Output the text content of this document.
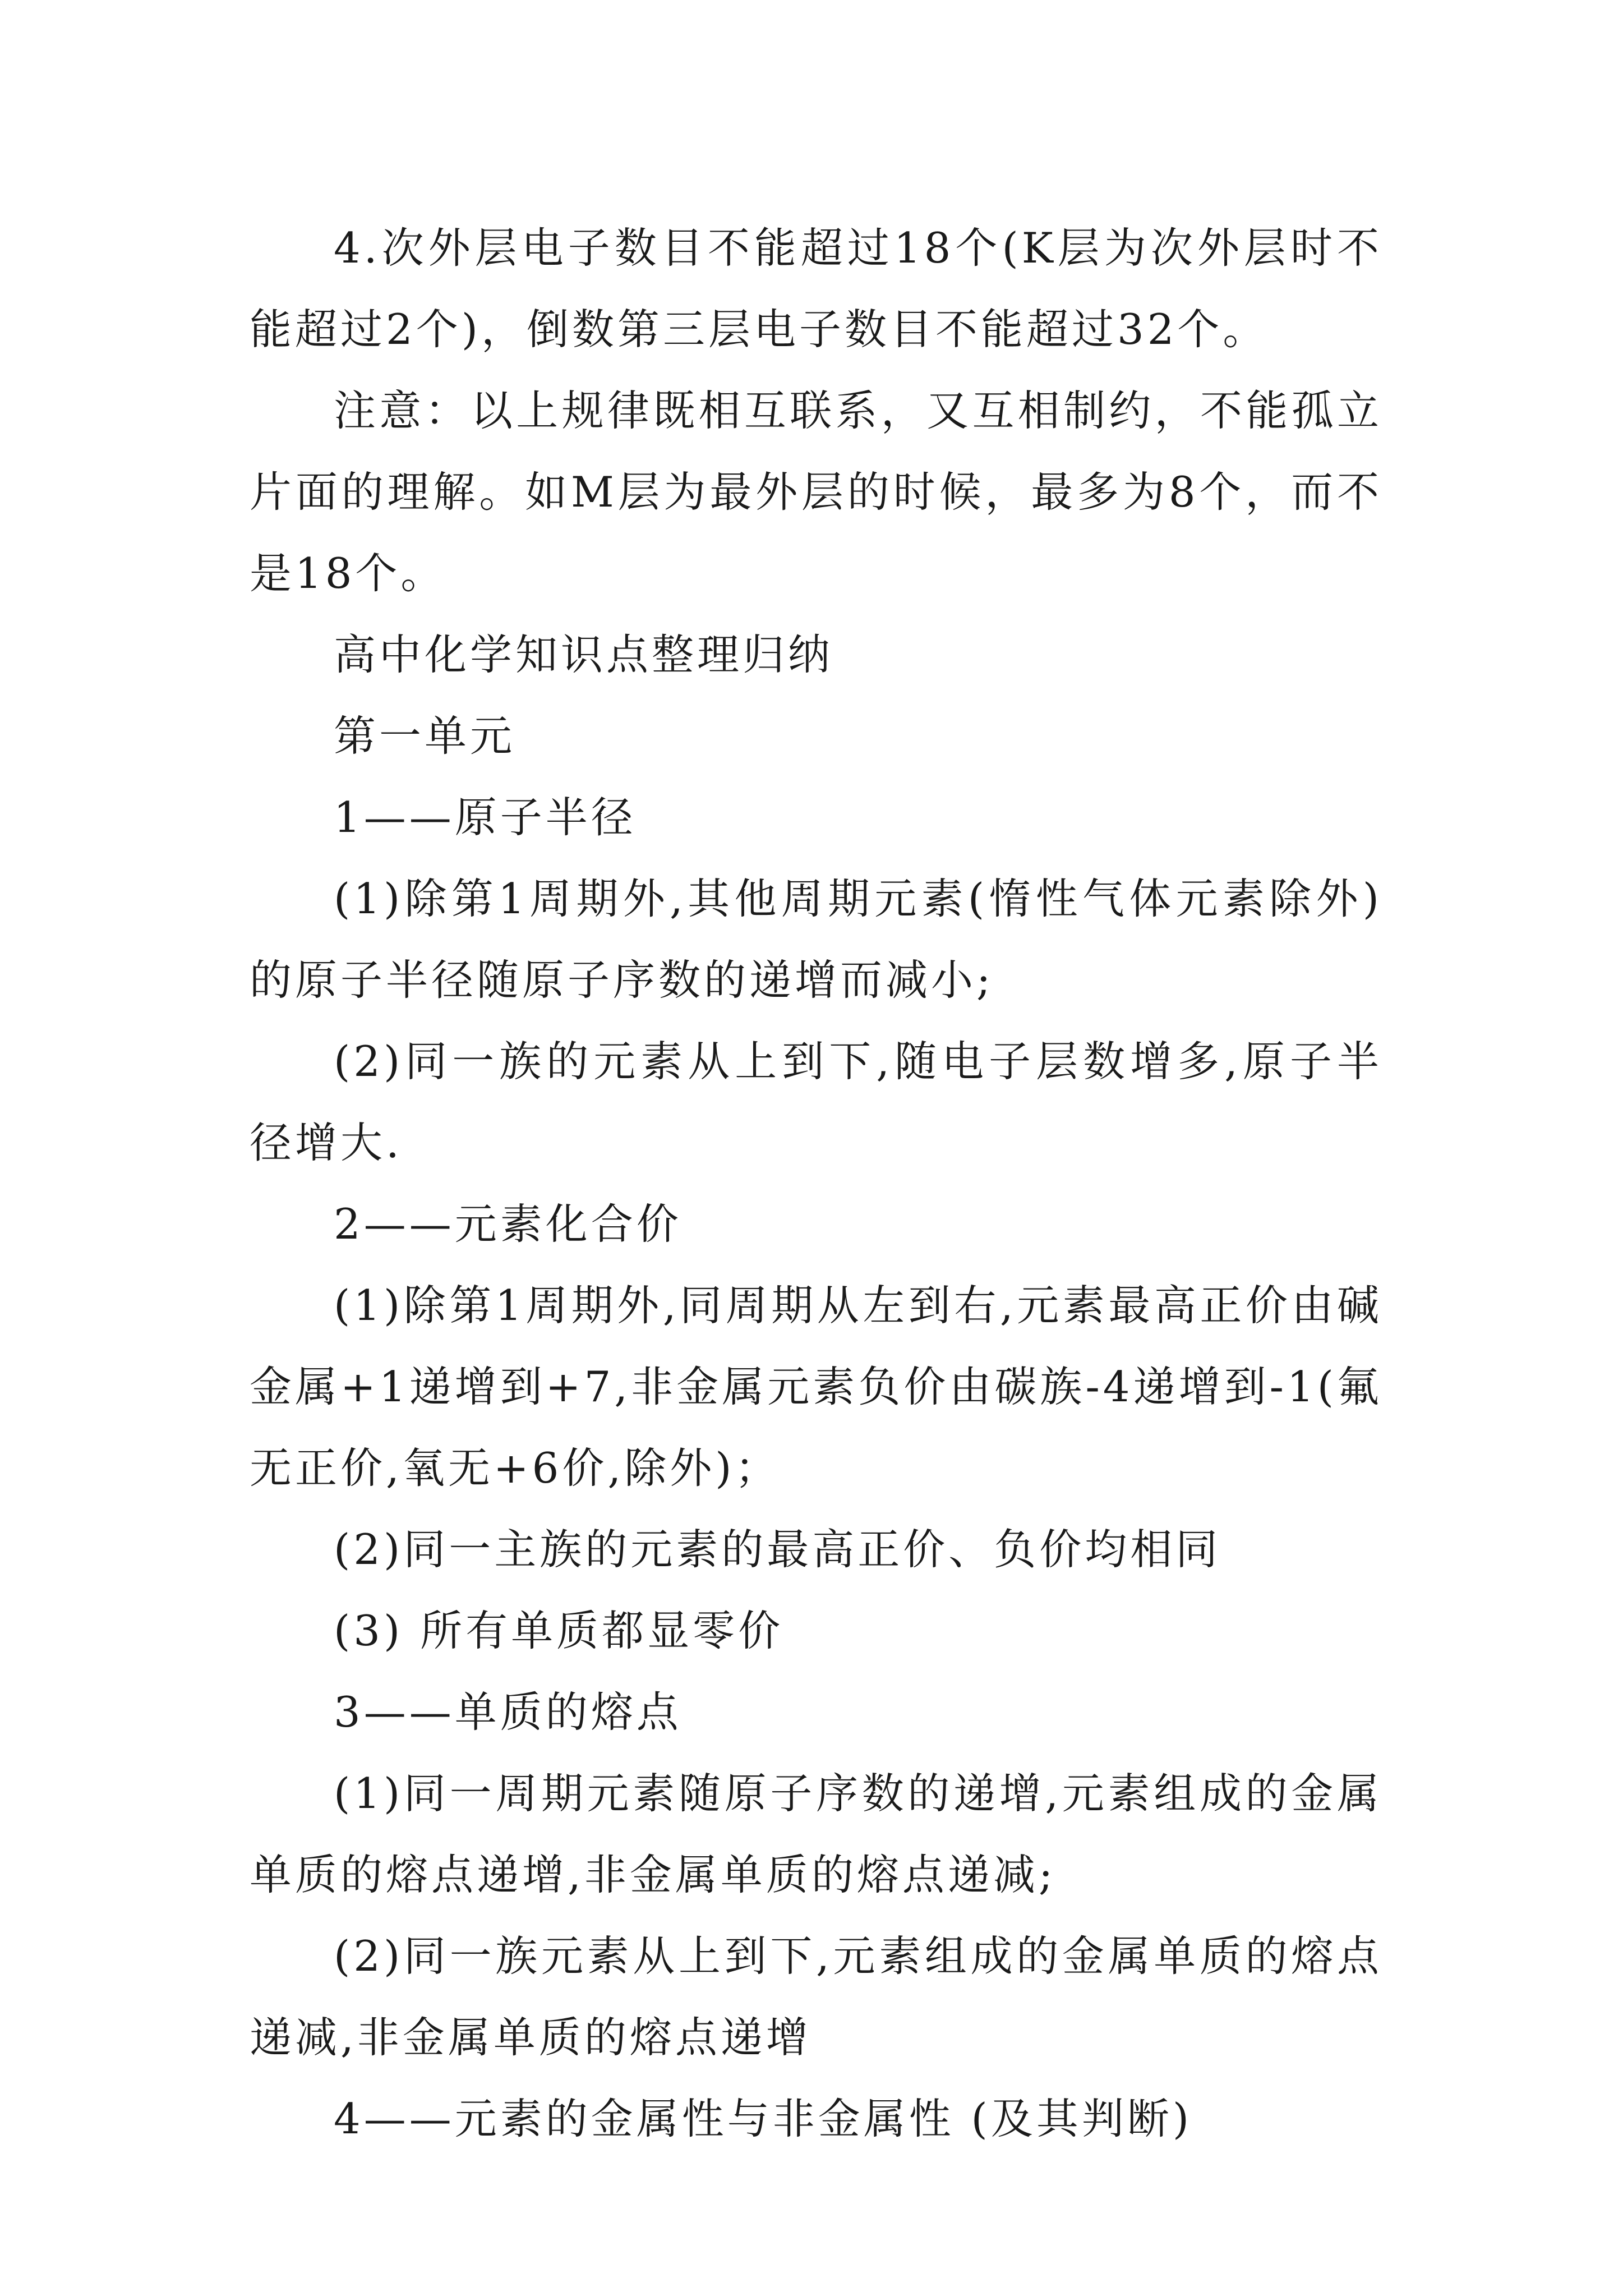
4.次外层电子数目不能超过18个(K层为次外层时不能超过2个)，倒数第三层电子数目不能超过32个。

注意：以上规律既相互联系，又互相制约，不能孤立片面的理解。如M层为最外层的时候，最多为8个，而不是18个。

高中化学知识点整理归纳

第一单元

1——原子半径

(1)除第1周期外,其他周期元素(惰性气体元素除外)的原子半径随原子序数的递增而减小;

(2)同一族的元素从上到下,随电子层数增多,原子半径增大.

2——元素化合价

(1)除第1周期外,同周期从左到右,元素最高正价由碱金属+1递增到+7,非金属元素负价由碳族-4递增到-1(氟无正价,氧无+6价,除外)；

(2)同一主族的元素的最高正价、负价均相同

(3) 所有单质都显零价

3——单质的熔点

(1)同一周期元素随原子序数的递增,元素组成的金属单质的熔点递增,非金属单质的熔点递减;

(2)同一族元素从上到下,元素组成的金属单质的熔点递减,非金属单质的熔点递增

4——元素的金属性与非金属性 (及其判断)
